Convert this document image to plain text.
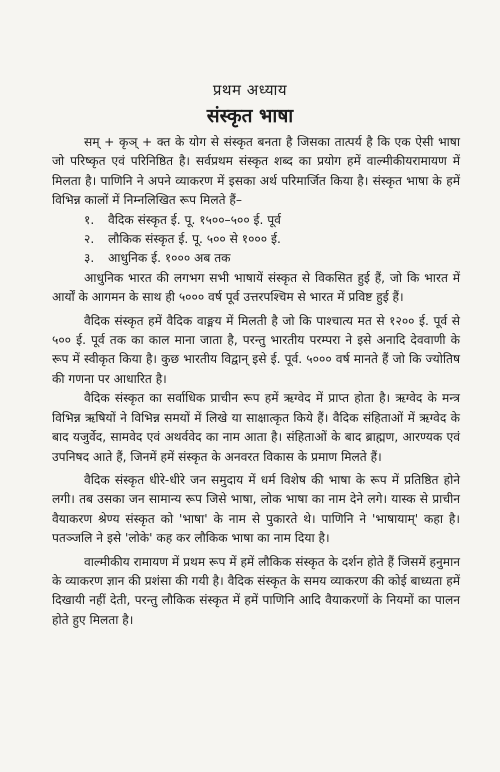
प्रथम अध्याय
संस्कृत भाषा

सम् + कृञ् + क्त के योग से संस्कृत बनता है जिसका तात्पर्य है कि एक ऐसी भाषा जो परिष्कृत एवं परिनिष्ठित है। सर्वप्रथम संस्कृत शब्द का प्रयोग हमें वाल्मीकीयरामायण में मिलता है। पाणिनि ने अपने व्याकरण में इसका अर्थ परिमार्जित किया है। संस्कृत भाषा के हमें विभिन्न कालों में निम्नलिखित रूप मिलते हैं–

१.	वैदिक संस्कृत ई. पू. १५००–५०० ई. पूर्व
२.	लौकिक संस्कृत ई. पू. ५०० से १००० ई.
३.	आधुनिक ई. १००० अब तक

आधुनिक भारत की लगभग सभी भाषायें संस्कृत से विकसित हुई हैं, जो कि भारत में आर्यों के आगमन के साथ ही ५००० वर्ष पूर्व उत्तरपश्चिम से भारत में प्रविष्ट हुई हैं।

वैदिक संस्कृत हमें वैदिक वाङ्मय में मिलती है जो कि पाश्चात्य मत से १२०० ई. पूर्व से ५०० ई. पूर्व तक का काल माना जाता है, परन्तु भारतीय परम्परा ने इसे अनादि देववाणी के रूप में स्वीकृत किया है। कुछ भारतीय विद्वान् इसे ई. पूर्व. ५००० वर्ष मानते हैं जो कि ज्योतिष की गणना पर आधारित है।

वैदिक संस्कृत का सर्वाधिक प्राचीन रूप हमें ऋग्वेद में प्राप्त होता है। ऋग्वेद के मन्त्र विभिन्न ऋषियों ने विभिन्न समयों में लिखे या साक्षात्कृत किये हैं। वैदिक संहिताओं में ऋग्वेद के बाद यजुर्वेद, सामवेद एवं अथर्ववेद का नाम आता है। संहिताओं के बाद ब्राह्मण, आरण्यक एवं उपनिषद आते हैं, जिनमें हमें संस्कृत के अनवरत विकास के प्रमाण मिलते हैं।

वैदिक संस्कृत धीरे-धीरे जन समुदाय में धर्म विशेष की भाषा के रूप में प्रतिष्ठित होने लगी। तब उसका जन सामान्य रूप जिसे भाषा, लोक भाषा का नाम देने लगे। यास्क से प्राचीन वैयाकरण श्रेण्य संस्कृत को 'भाषा' के नाम से पुकारते थे। पाणिनि ने 'भाषायाम्' कहा है। पतञ्जलि ने इसे 'लोके' कह कर लौकिक भाषा का नाम दिया है।

वाल्मीकीय रामायण में प्रथम रूप में हमें लौकिक संस्कृत के दर्शन होते हैं जिसमें हनुमान के व्याकरण ज्ञान की प्रशंसा की गयी है। वैदिक संस्कृत के समय व्याकरण की कोई बाध्यता हमें दिखायी नहीं देती, परन्तु लौकिक संस्कृत में हमें पाणिनि आदि वैयाकरणों के नियमों का पालन होते हुए मिलता है।
